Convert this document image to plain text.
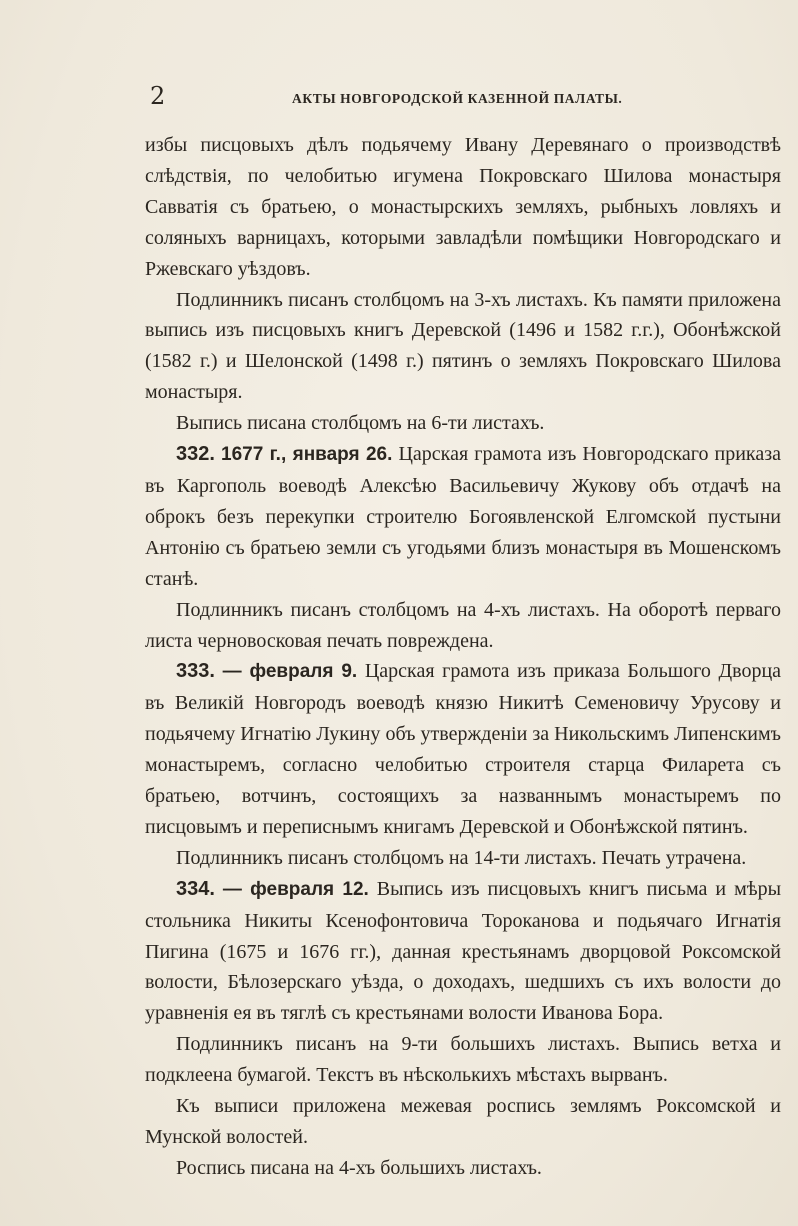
2	АКТЫ НОВГОРОДСКОЙ КАЗЕННОЙ ПАЛАТЫ.

избы писцовыхъ дѣлъ подьячему Ивану Деревянаго о производствѣ слѣдствія, по челобитью игумена Покровскаго Шилова монастыря Савватія съ братьею, о монастырскихъ земляхъ, рыбныхъ ловляхъ и соляныхъ варницахъ, которыми завладѣли помѣщики Новгородскаго и Ржевскаго уѣздовъ.

Подлинникъ писанъ столбцомъ на 3-хъ листахъ. Къ памяти приложена выпись изъ писцовыхъ книгъ Деревской (1496 и 1582 г.г.), Обонѣжской (1582 г.) и Шелонской (1498 г.) пятинъ о земляхъ Покровскаго Шилова монастыря.

Выпись писана столбцомъ на 6-ти листахъ.

332. 1677 г., января 26. Царская грамота изъ Новгородскаго приказа въ Каргополь воеводѣ Алексѣю Васильевичу Жукову объ отдачѣ на оброкъ безъ перекупки строителю Богоявленской Елгомской пустыни Антонію съ братьею земли съ угодьями близъ монастыря въ Мошенскомъ станѣ.

Подлинникъ писанъ столбцомъ на 4-хъ листахъ. На оборотѣ перваго листа черновосковая печать повреждена.

333. — февраля 9. Царская грамота изъ приказа Большого Дворца въ Великій Новгородъ воеводѣ князю Никитѣ Семеновичу Урусову и подьячему Игнатію Лукину объ утвержденіи за Никольскимъ Липенскимъ монастыремъ, согласно челобитью строителя старца Филарета съ братьею, вотчинъ, состоящихъ за названнымъ монастыремъ по писцовымъ и переписнымъ книгамъ Деревской и Обонѣжской пятинъ.

Подлинникъ писанъ столбцомъ на 14-ти листахъ. Печать утрачена.

334. — февраля 12. Выпись изъ писцовыхъ книгъ письма и мѣры стольника Никиты Ксенофонтовича Тороканова и подьячаго Игнатія Пигина (1675 и 1676 гг.), данная крестьянамъ дворцовой Роксомской волости, Бѣлозерскаго уѣзда, о доходахъ, шедшихъ съ ихъ волости до уравненія ея въ тяглѣ съ крестьянами волости Иванова Бора.

Подлинникъ писанъ на 9-ти большихъ листахъ. Выпись ветха и подклеена бумагой. Текстъ въ нѣсколькихъ мѣстахъ вырванъ.

Къ выписи приложена межевая роспись землямъ Роксомской и Мунской волостей.

Роспись писана на 4-хъ большихъ листахъ.
